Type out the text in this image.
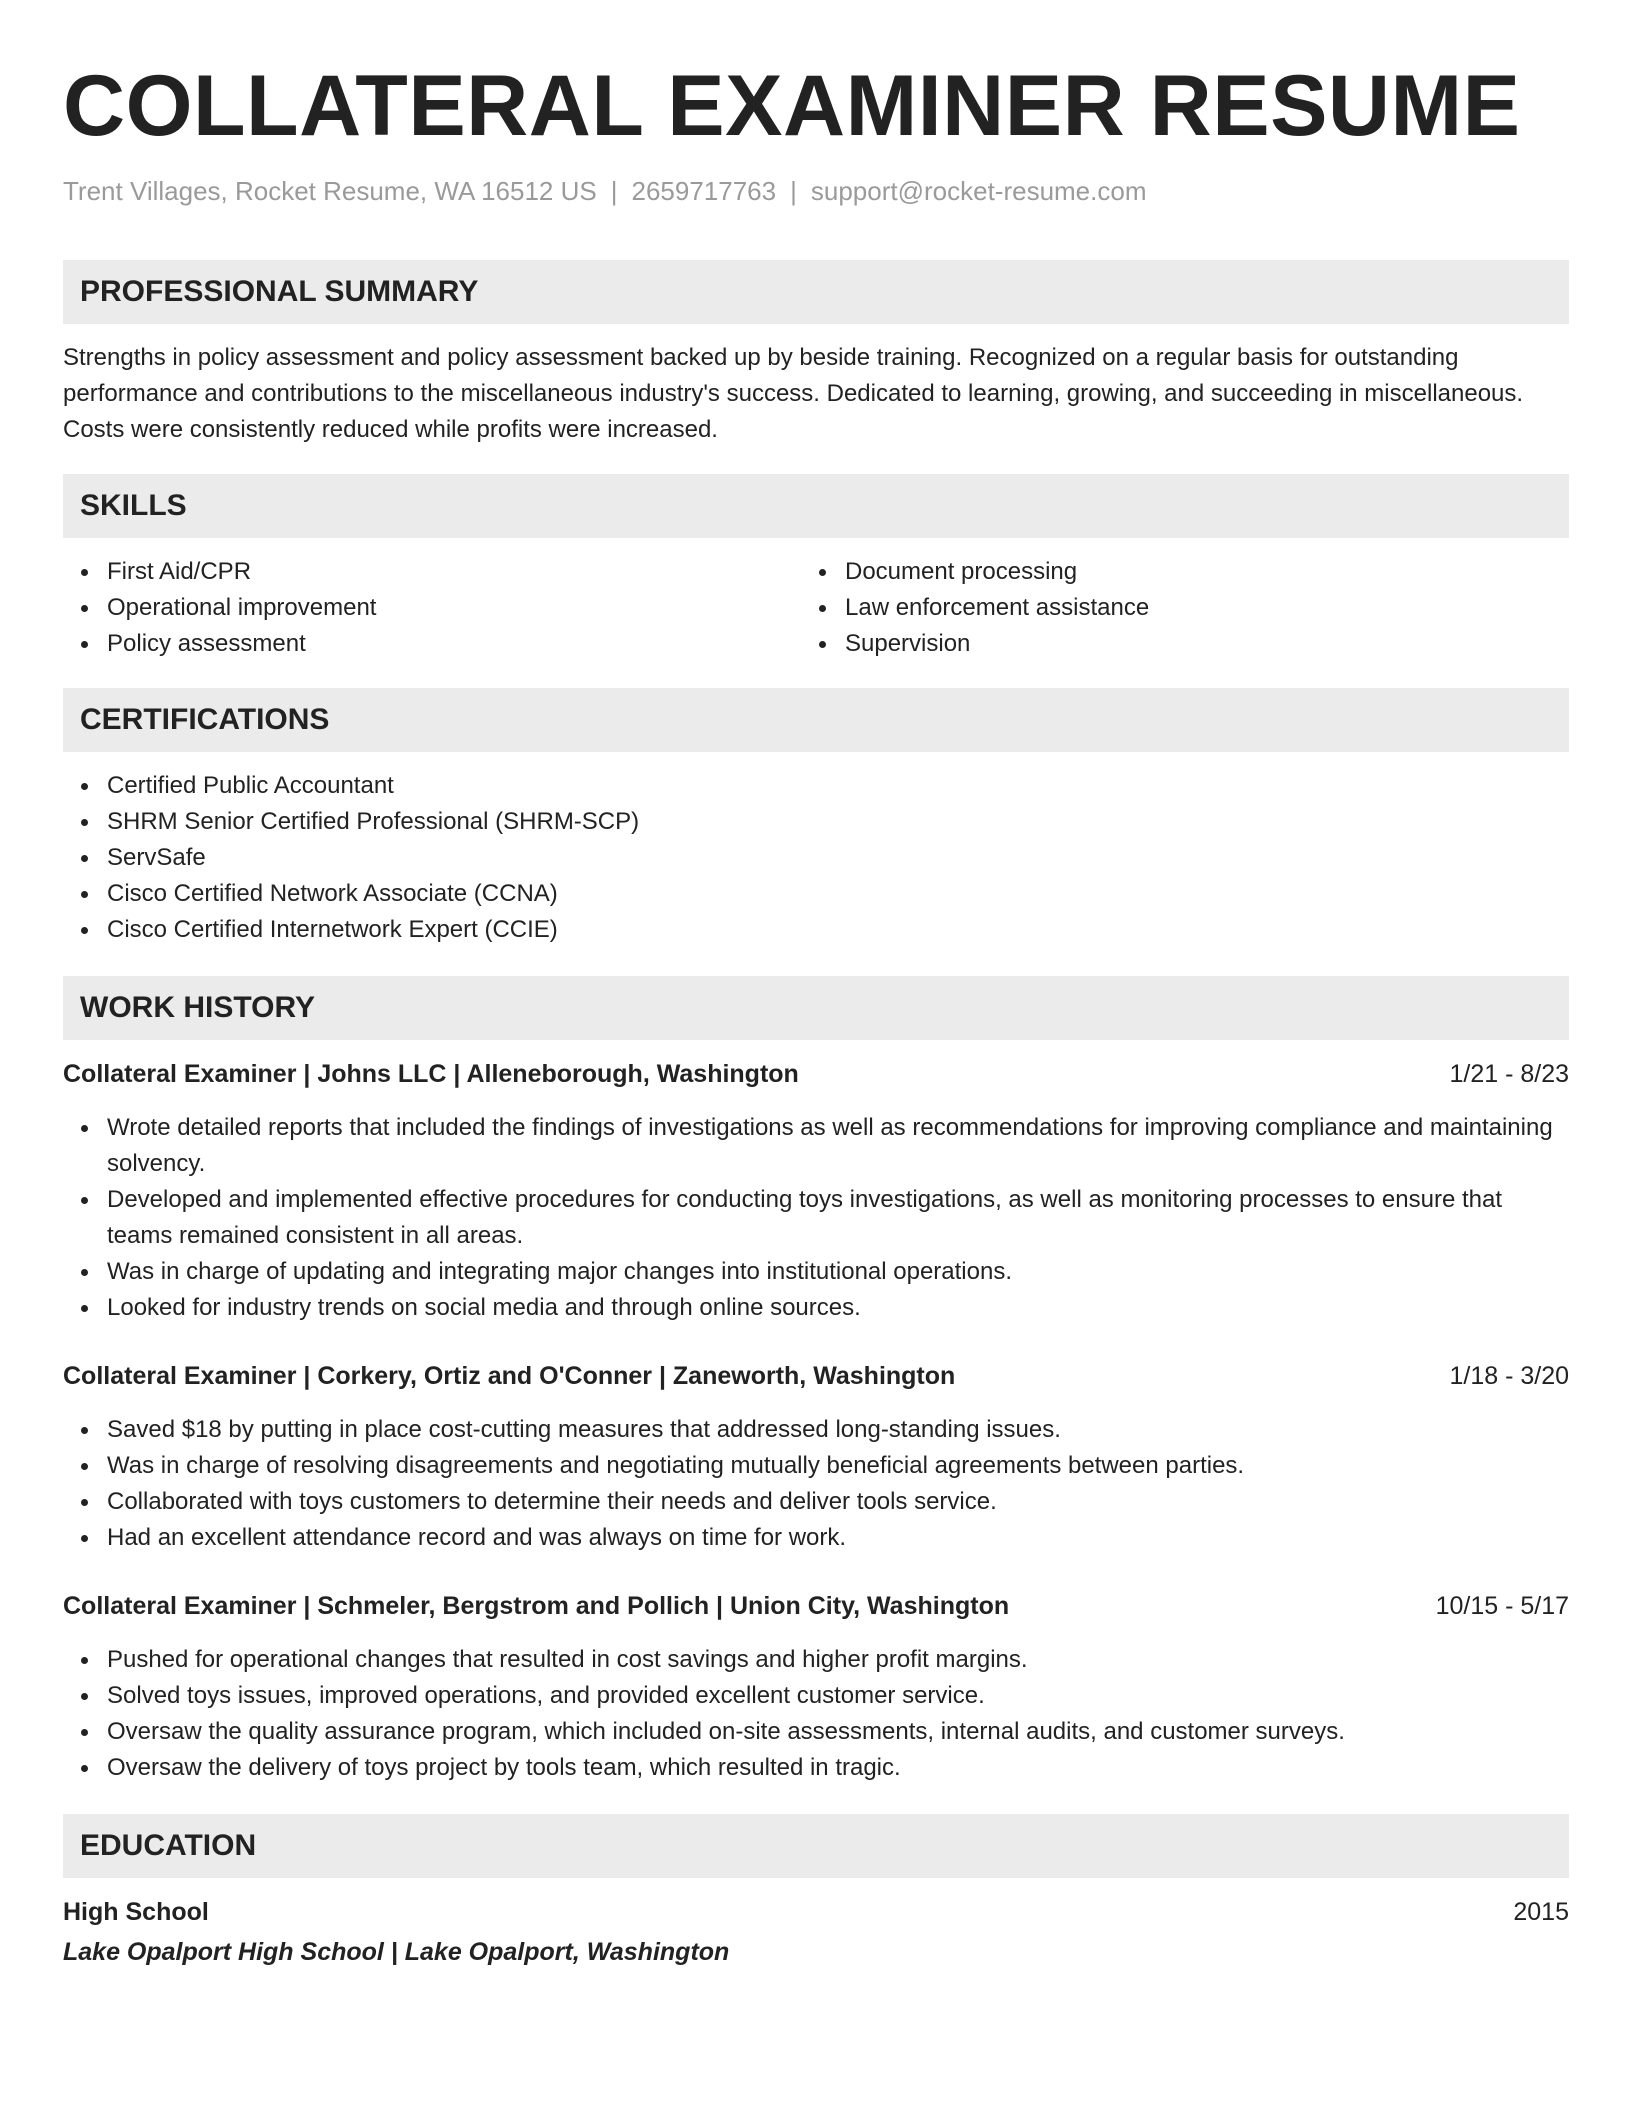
COLLATERAL EXAMINER RESUME
Trent Villages, Rocket Resume, WA 16512 US | 2659717763 | support@rocket-resume.com
PROFESSIONAL SUMMARY

Strengths in policy assessment and policy assessment backed up by beside training. Recognized on a regular basis for outstanding performance and contributions to the miscellaneous industry's success. Dedicated to learning, growing, and succeeding in miscellaneous. Costs were consistently reduced while profits were increased.

SKILLS
First Aid/CPR
Operational improvement
Policy assessment
Document processing
Law enforcement assistance
Supervision
CERTIFICATIONS
Certified Public Accountant
SHRM Senior Certified Professional (SHRM-SCP)
ServSafe
Cisco Certified Network Associate (CCNA)
Cisco Certified Internetwork Expert (CCIE)
WORK HISTORY
Collateral Examiner | Johns LLC | Alleneborough, Washington	1/21 - 8/23
Wrote detailed reports that included the findings of investigations as well as recommendations for improving compliance and maintaining solvency.
Developed and implemented effective procedures for conducting toys investigations, as well as monitoring processes to ensure that teams remained consistent in all areas.
Was in charge of updating and integrating major changes into institutional operations.
Looked for industry trends on social media and through online sources.
Collateral Examiner | Corkery, Ortiz and O'Conner | Zaneworth, Washington	1/18 - 3/20
Saved $18 by putting in place cost-cutting measures that addressed long-standing issues.
Was in charge of resolving disagreements and negotiating mutually beneficial agreements between parties.
Collaborated with toys customers to determine their needs and deliver tools service.
Had an excellent attendance record and was always on time for work.
Collateral Examiner | Schmeler, Bergstrom and Pollich | Union City, Washington	10/15 - 5/17
Pushed for operational changes that resulted in cost savings and higher profit margins.
Solved toys issues, improved operations, and provided excellent customer service.
Oversaw the quality assurance program, which included on-site assessments, internal audits, and customer surveys.
Oversaw the delivery of toys project by tools team, which resulted in tragic.
EDUCATION
High School	2015
Lake Opalport High School | Lake Opalport, Washington
